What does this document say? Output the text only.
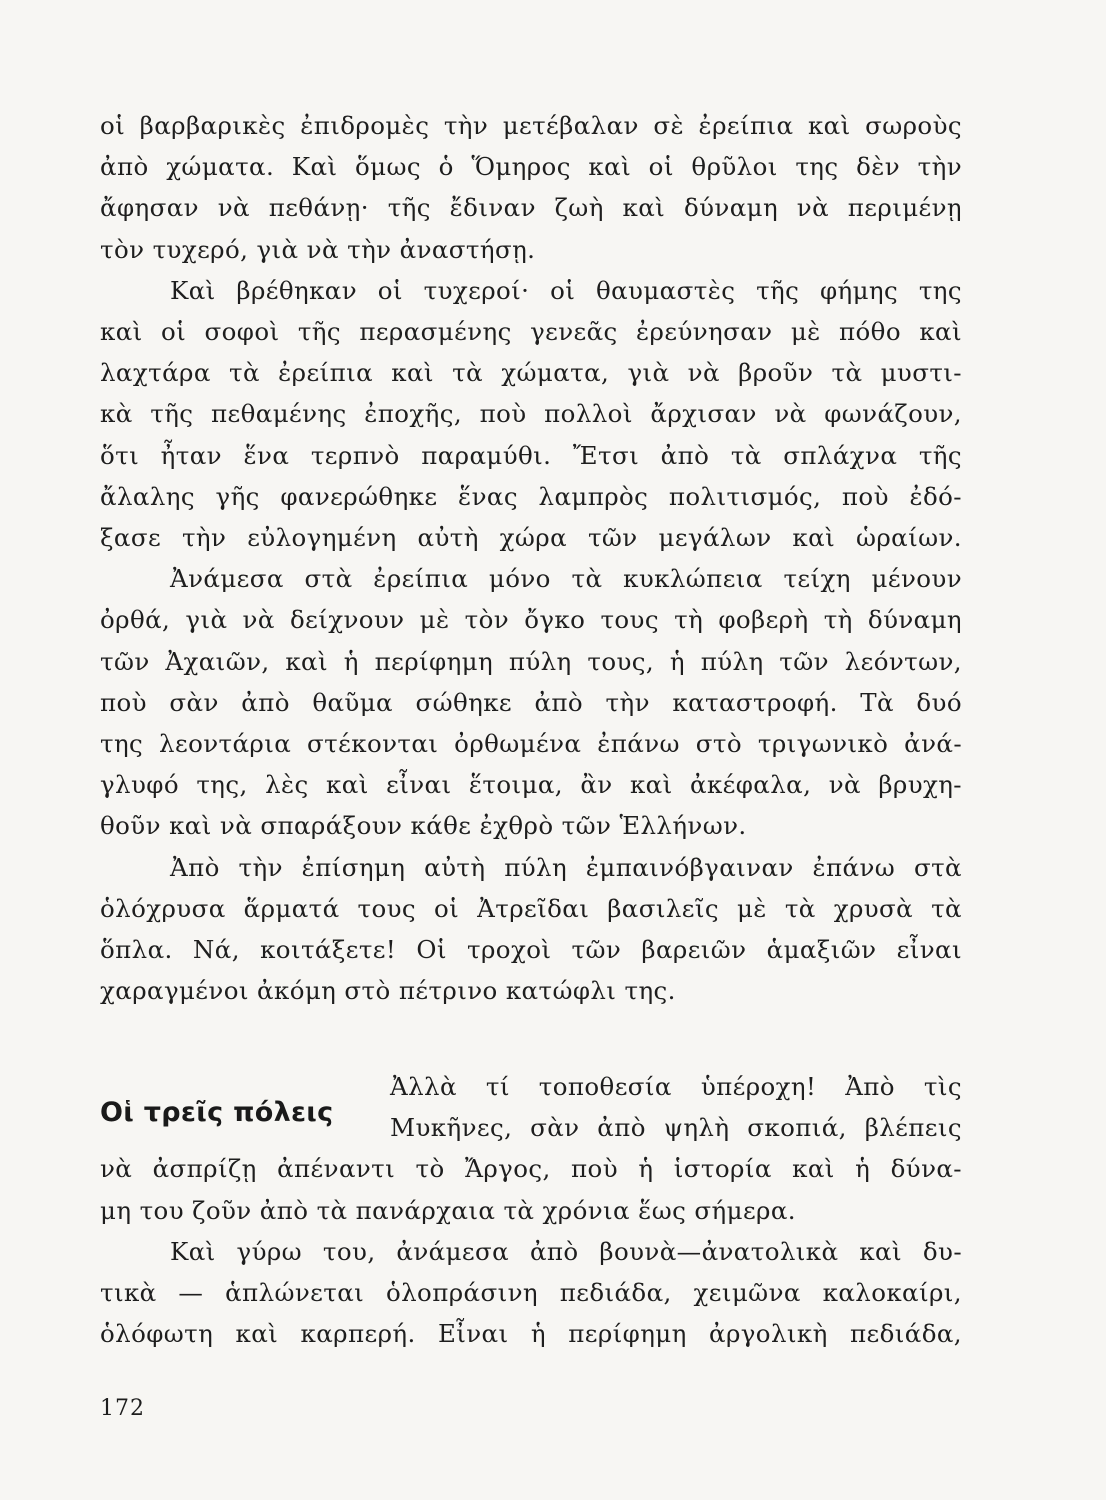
οἱ βαρβαρικὲς ἐπιδρομὲς τὴν μετέβαλαν σὲ ἐρείπια καὶ σωροὺς
ἀπὸ χώματα. Καὶ ὅμως ὁ Ὅμηρος καὶ οἱ θρῦλοι της δὲν τὴν
ἄφησαν νὰ πεθάνῃ· τῆς ἔδιναν ζωὴ καὶ δύναμη νὰ περιμένῃ
τὸν τυχερό, γιὰ νὰ τὴν ἀναστήσῃ.
Καὶ βρέθηκαν οἱ τυχεροί· οἱ θαυμαστὲς τῆς φήμης της
καὶ οἱ σοφοὶ τῆς περασμένης γενεᾶς ἐρεύνησαν μὲ πόθο καὶ
λαχτάρα τὰ ἐρείπια καὶ τὰ χώματα, γιὰ νὰ βροῦν τὰ μυστι-
κὰ τῆς πεθαμένης ἐποχῆς, ποὺ πολλοὶ ἄρχισαν νὰ φωνάζουν,
ὅτι ἦταν ἕνα τερπνὸ παραμύθι. Ἔτσι ἀπὸ τὰ σπλάχνα τῆς
ἄλαλης γῆς φανερώθηκε ἕνας λαμπρὸς πολιτισμός, ποὺ ἐδό-
ξασε τὴν εὐλογημένη αὐτὴ χώρα τῶν μεγάλων καὶ ὡραίων.
Ἀνάμεσα στὰ ἐρείπια μόνο τὰ κυκλώπεια τείχη μένουν
ὀρθά, γιὰ νὰ δείχνουν μὲ τὸν ὄγκο τους τὴ φοβερὴ τὴ δύναμη
τῶν Ἀχαιῶν, καὶ ἡ περίφημη πύλη τους, ἡ πύλη τῶν λεόντων,
ποὺ σὰν ἀπὸ θαῦμα σώθηκε ἀπὸ τὴν καταστροφή. Τὰ δυό
της λεοντάρια στέκονται ὀρθωμένα ἐπάνω στὸ τριγωνικὸ ἀνά-
γλυφό της, λὲς καὶ εἶναι ἕτοιμα, ἂν καὶ ἀκέφαλα, νὰ βρυχη-
θοῦν καὶ νὰ σπαράξουν κάθε ἐχθρὸ τῶν Ἑλλήνων.
Ἀπὸ τὴν ἐπίσημη αὐτὴ πύλη ἐμπαινόβγαιναν ἐπάνω στὰ
ὁλόχρυσα ἅρματά τους οἱ Ἀτρεῖδαι βασιλεῖς μὲ τὰ χρυσὰ τὰ
ὅπλα. Νά, κοιτάξετε! Οἱ τροχοὶ τῶν βαρειῶν ἁμαξιῶν εἶναι
χαραγμένοι ἀκόμη στὸ πέτρινο κατώφλι της.
Οἱ τρεῖς πόλεις
Ἀλλὰ τί τοποθεσία ὑπέροχη! Ἀπὸ τὶς
Μυκῆνες, σὰν ἀπὸ ψηλὴ σκοπιά, βλέπεις
νὰ ἀσπρίζῃ ἀπέναντι τὸ Ἄργος, ποὺ ἡ ἱστορία καὶ ἡ δύνα-
μη του ζοῦν ἀπὸ τὰ πανάρχαια τὰ χρόνια ἕως σήμερα.
Καὶ γύρω του, ἀνάμεσα ἀπὸ βουνὰ—ἀνατολικὰ καὶ δυ-
τικὰ — ἁπλώνεται ὁλοπράσινη πεδιάδα, χειμῶνα καλοκαίρι,
ὁλόφωτη καὶ καρπερή. Εἶναι ἡ περίφημη ἀργολικὴ πεδιάδα,
172
